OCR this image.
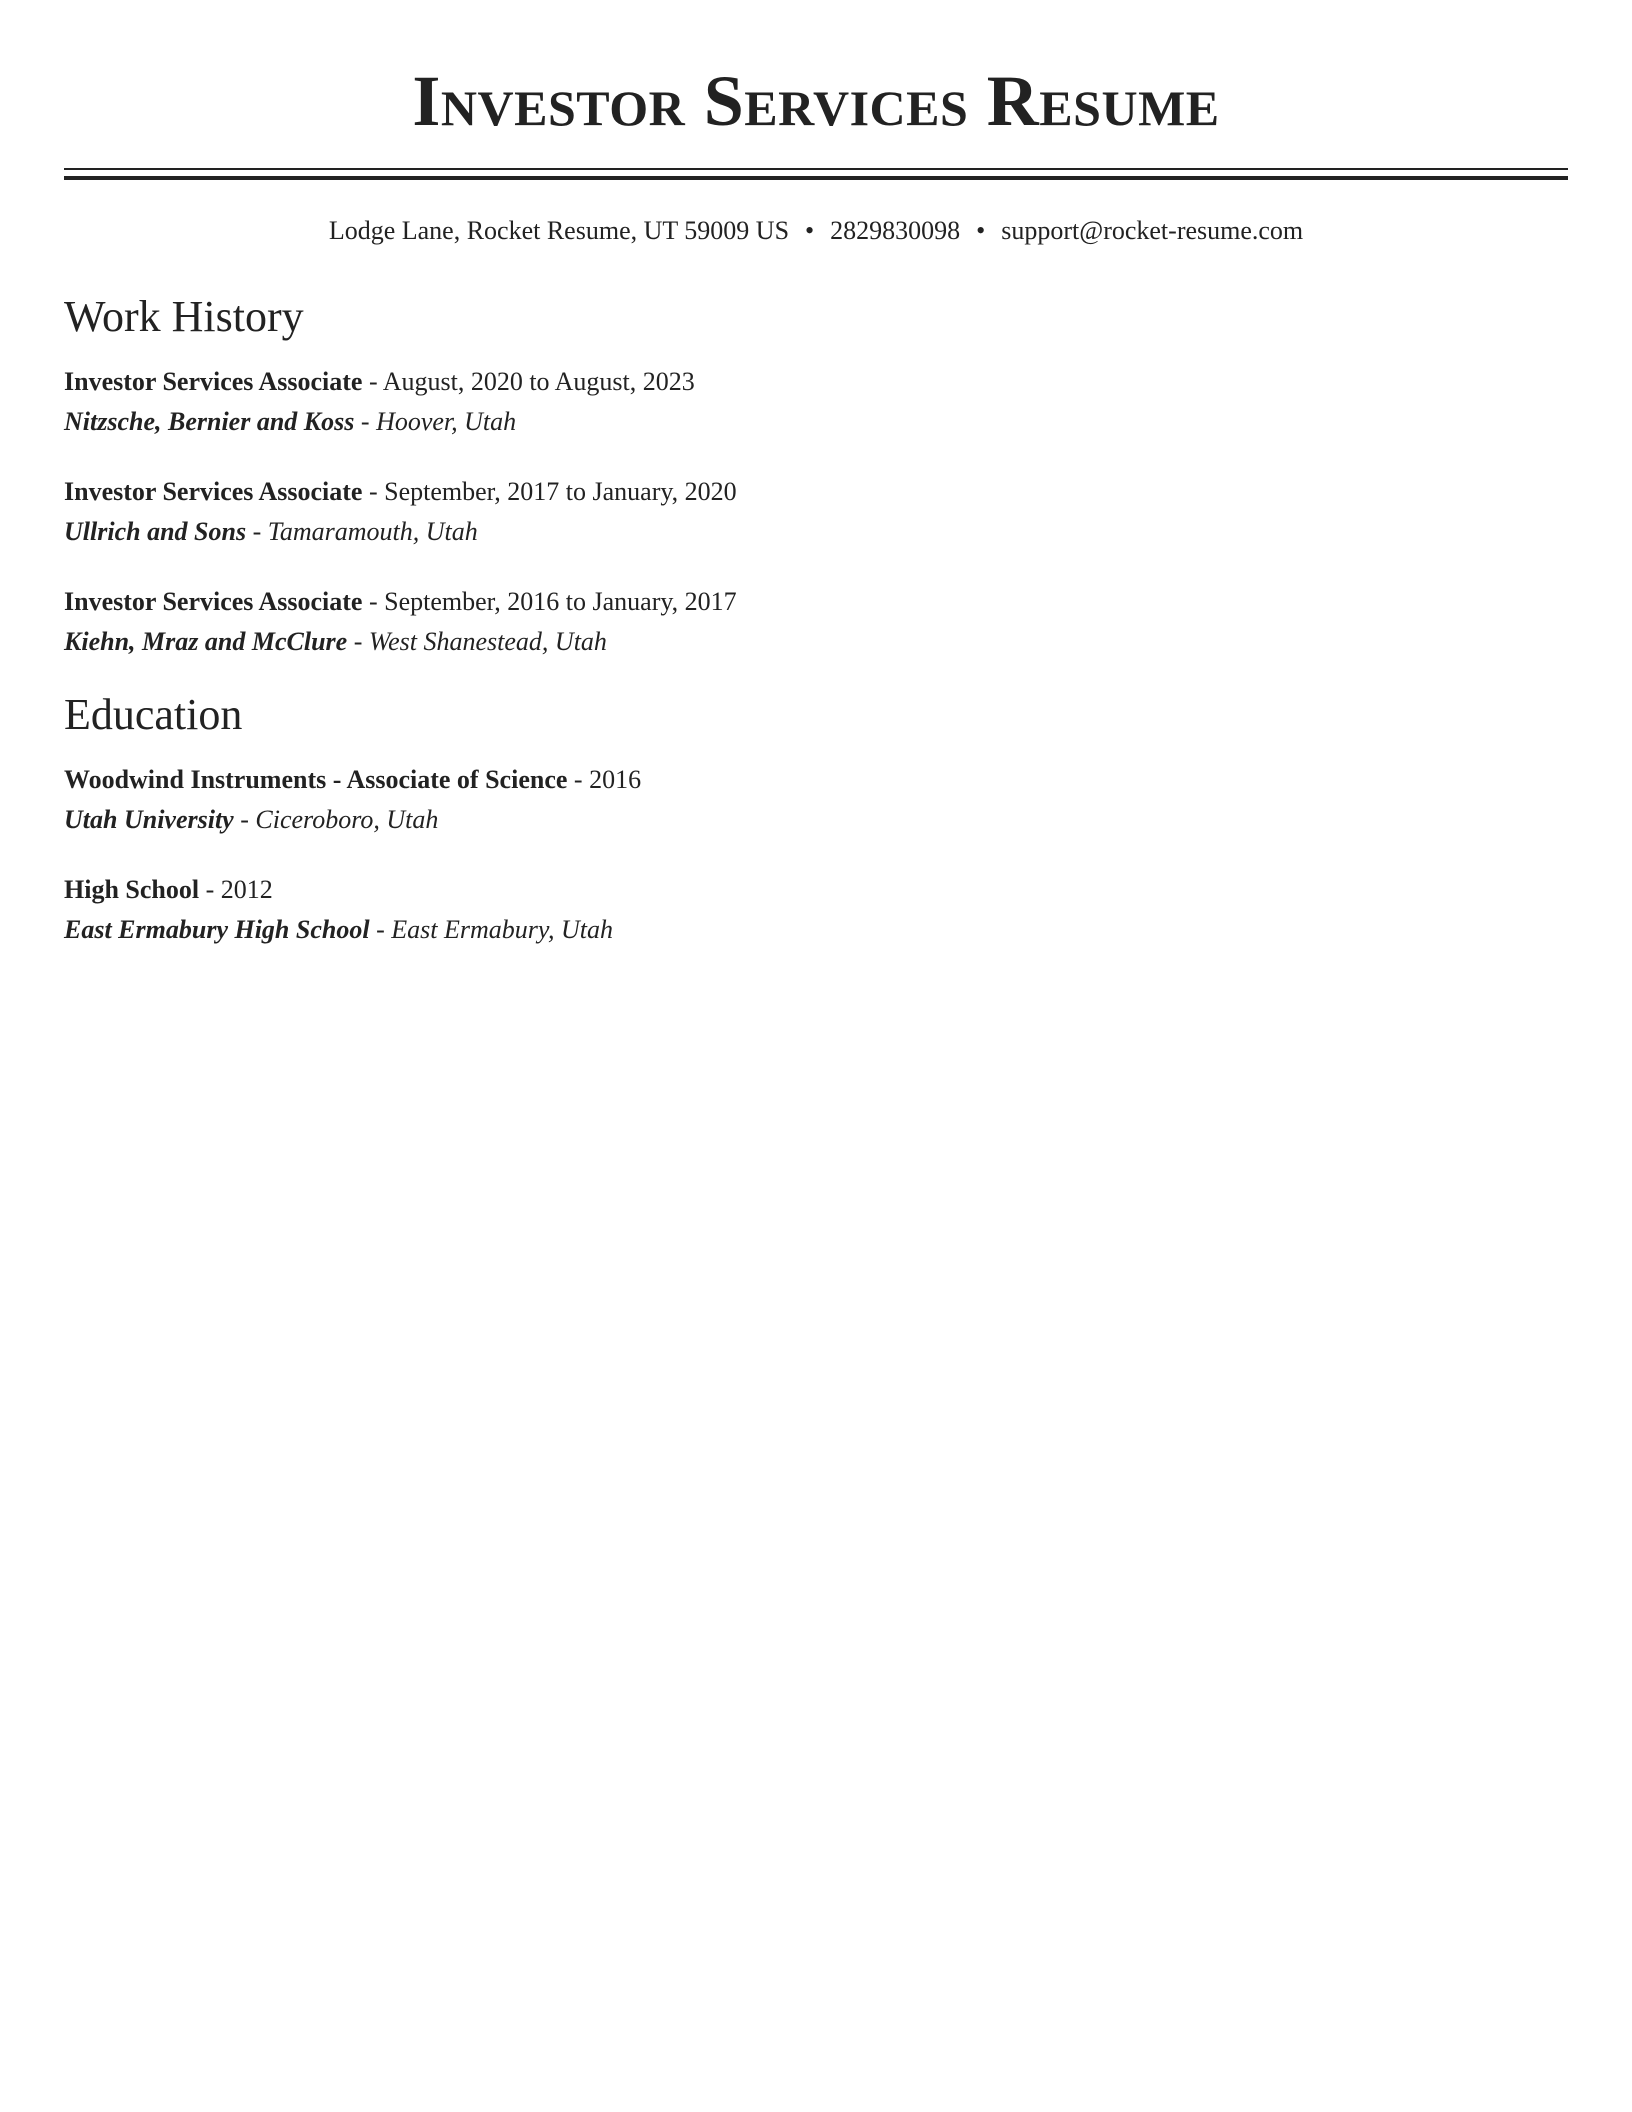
Investor Services Resume
Lodge Lane, Rocket Resume, UT 59009 US • 2829830098 • support@rocket-resume.com
Work History
Investor Services Associate - August, 2020 to August, 2023
Nitzsche, Bernier and Koss - Hoover, Utah
Investor Services Associate - September, 2017 to January, 2020
Ullrich and Sons - Tamaramouth, Utah
Investor Services Associate - September, 2016 to January, 2017
Kiehn, Mraz and McClure - West Shanestead, Utah
Education
Woodwind Instruments - Associate of Science - 2016
Utah University - Ciceroboro, Utah
High School - 2012
East Ermabury High School - East Ermabury, Utah
